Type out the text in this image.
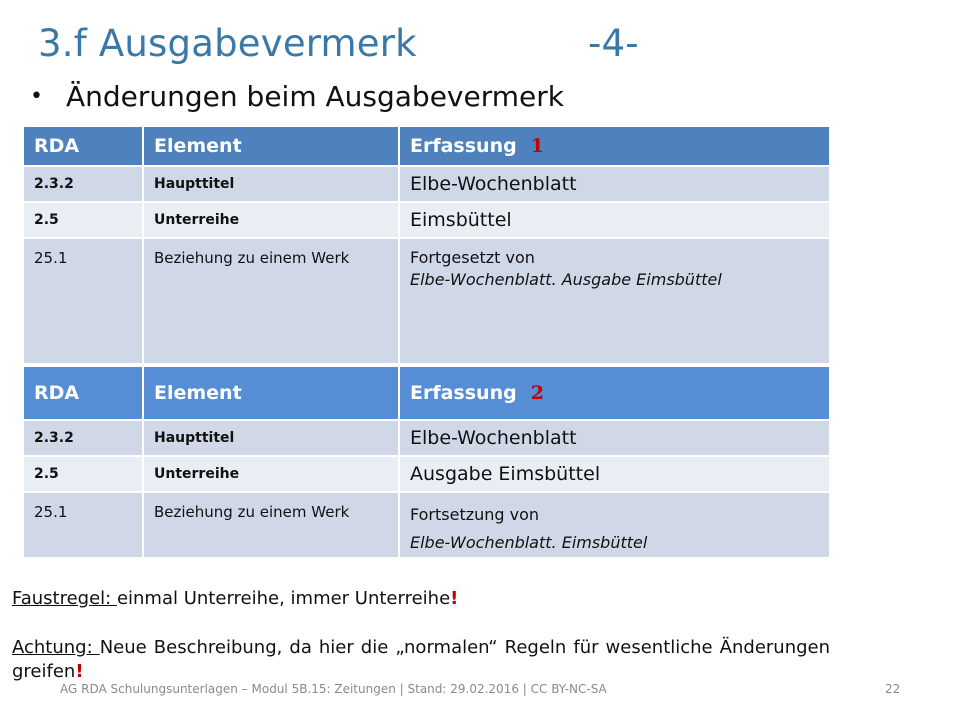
3.f Ausgabevermerk	-4-
• Änderungen beim Ausgabevermerk
RDA	Element	Erfassung 1
2.3.2	Haupttitel	Elbe-Wochenblatt
2.5	Unterreihe	Eimsbüttel
25.1	Beziehung zu einem Werk	Fortgesetzt von
Elbe-Wochenblatt. Ausgabe Eimsbüttel
RDA	Element	Erfassung 2
2.3.2	Haupttitel	Elbe-Wochenblatt
2.5	Unterreihe	Ausgabe Eimsbüttel
25.1	Beziehung zu einem Werk	Fortsetzung von
Elbe-Wochenblatt. Eimsbüttel
Faustregel: einmal Unterreihe, immer Unterreihe!
Achtung: Neue Beschreibung, da hier die „normalen“ Regeln für wesentliche Änderungen greifen!
AG RDA Schulungsunterlagen – Modul 5B.15: Zeitungen | Stand: 29.02.2016 | CC BY-NC-SA	22
